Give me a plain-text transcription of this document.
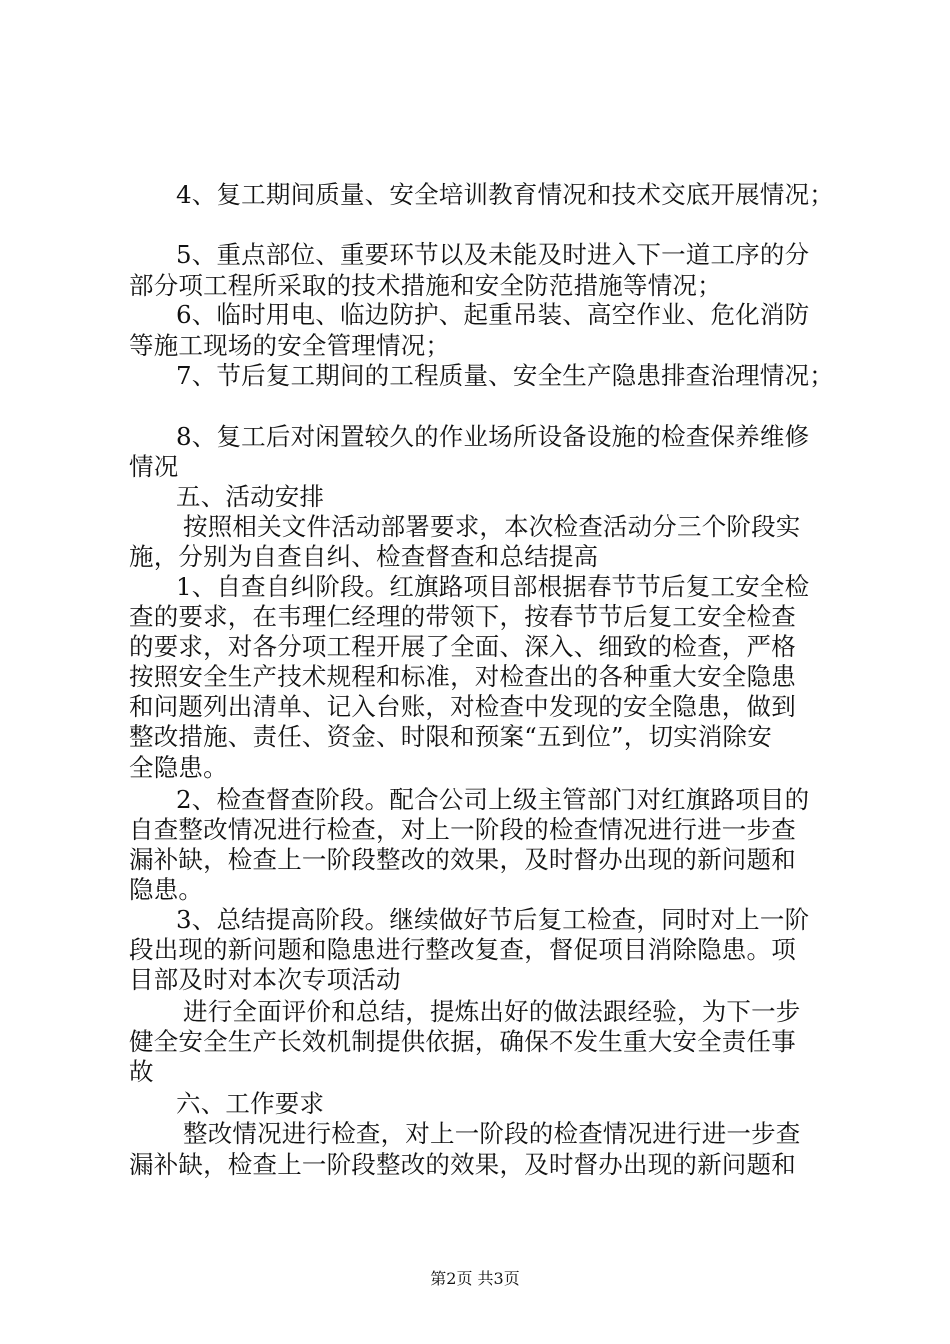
4、复工期间质量、安全培训教育情况和技术交底开展情况；
5、重点部位、重要环节以及未能及时进入下一道工序的分
部分项工程所采取的技术措施和安全防范措施等情况；
6、临时用电、临边防护、起重吊装、高空作业、危化消防
等施工现场的安全管理情况；
7、节后复工期间的工程质量、安全生产隐患排查治理情况；
8、复工后对闲置较久的作业场所设备设施的检查保养维修
情况
五、活动安排
按照相关文件活动部署要求，本次检查活动分三个阶段实
施，分别为自查自纠、检查督查和总结提高
1、自查自纠阶段。红旗路项目部根据春节节后复工安全检
查的要求，在韦理仁经理的带领下，按春节节后复工安全检查
的要求，对各分项工程开展了全面、深入、细致的检查，严格
按照安全生产技术规程和标准，对检查出的各种重大安全隐患
和问题列出清单、记入台账，对检查中发现的安全隐患，做到
整改措施、责任、资金、时限和预案“五到位”，切实消除安
全隐患。
2、检查督查阶段。配合公司上级主管部门对红旗路项目的
自查整改情况进行检查，对上一阶段的检查情况进行进一步查
漏补缺，检查上一阶段整改的效果，及时督办出现的新问题和
隐患。
3、总结提高阶段。继续做好节后复工检查，同时对上一阶
段出现的新问题和隐患进行整改复查，督促项目消除隐患。项
目部及时对本次专项活动
进行全面评价和总结，提炼出好的做法跟经验，为下一步
健全安全生产长效机制提供依据，确保不发生重大安全责任事
故
六、工作要求
整改情况进行检查，对上一阶段的检查情况进行进一步查
漏补缺，检查上一阶段整改的效果，及时督办出现的新问题和
第2页 共3页
